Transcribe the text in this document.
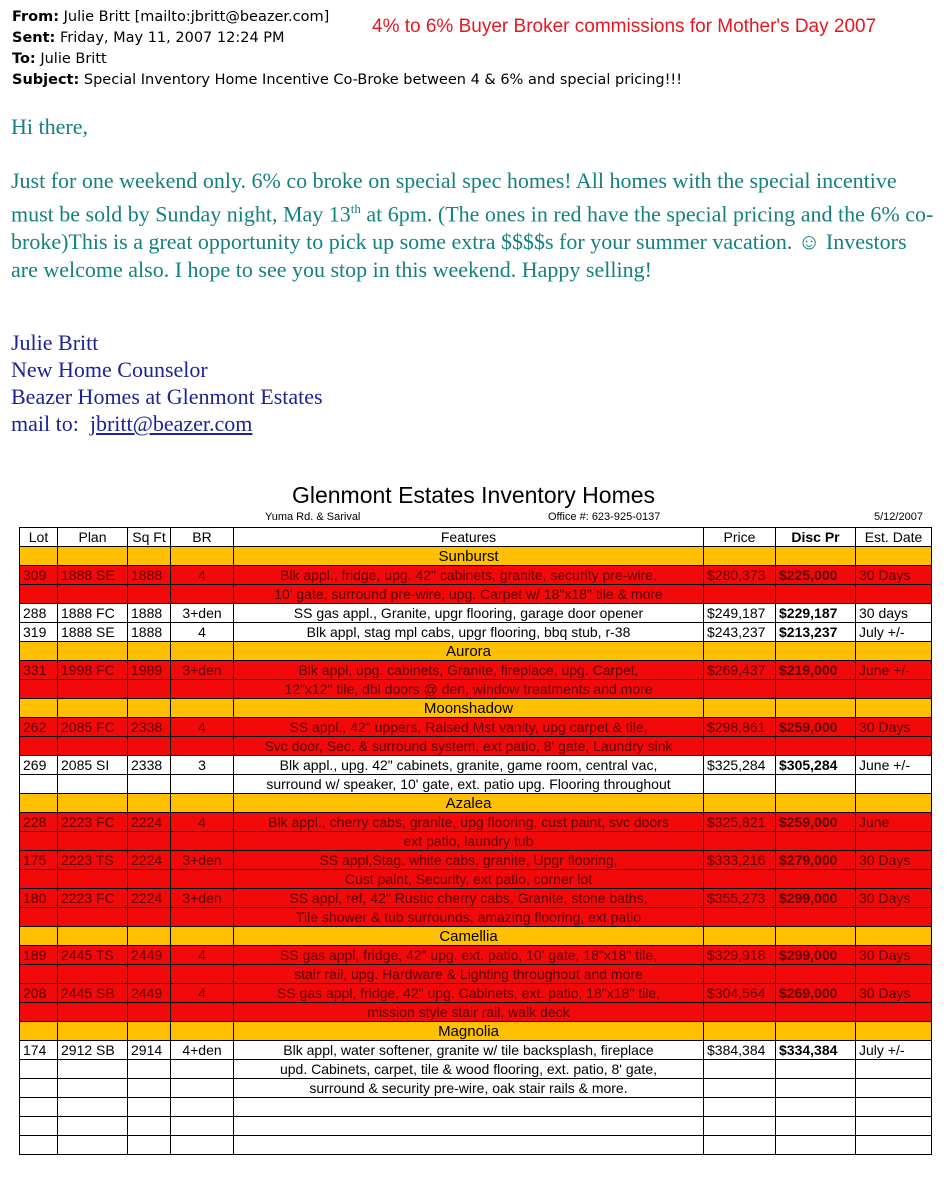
From: Julie Britt [mailto:jbritt@beazer.com]
Sent: Friday, May 11, 2007 12:24 PM
To: Julie Britt
Subject: Special Inventory Home Incentive Co-Broke between 4 & 6% and special pricing!!!
4% to 6% Buyer Broker commissions for Mother's Day 2007
Hi there,
Just for one weekend only. 6% co broke on special spec homes! All homes with the special incentive must be sold by Sunday night, May 13th at 6pm. (The ones in red have the special pricing and the 6% co-broke)This is a great opportunity to pick up some extra $$$$s for your summer vacation. ☺ Investors are welcome also. I hope to see you stop in this weekend. Happy selling!
Julie Britt
New Home Counselor
Beazer Homes at Glenmont Estates
mail to: jbritt@beazer.com
Glenmont Estates Inventory Homes
Yuma Rd. & Sarival	Office #: 623-925-0137	5/12/2007
Lot	Plan	Sq Ft	BR	Features	Price	Disc Pr	Est. Date
				Sunburst			
309	1888 SE	1888	4	Blk appl., fridge, upg. 42" cabinets, granite, security pre-wire,	$280,373	$225,000	30 Days
				10' gate, surround pre-wire, upg. Carpet w/ 18"x18" tile & more			
288	1888 FC	1888	3+den	SS gas appl., Granite, upgr flooring, garage door opener	$249,187	$229,187	30 days
319	1888 SE	1888	4	Blk appl, stag mpl cabs, upgr flooring, bbq stub, r-38	$243,237	$213,237	July +/-
				Aurora			
331	1998 FC	1989	3+den	Blk appl, upg. cabinets, Granite, fireplace, upg. Carpet,	$269,437	$219,000	June +/-
				12"x12" tile, dbl doors @ den, window treatments and more			
				Moonshadow			
262	2085 FC	2338	4	SS appl., 42" uppers, Raised Mst vanity, upg carpet & tile,	$298,861	$259,000	30 Days
				Svc door, Sec. & surround system, ext patio, 8' gate, Laundry sink			
269	2085 SI	2338	3	Blk appl., upg. 42" cabinets, granite, game room, central vac,	$325,284	$305,284	June +/-
				surround w/ speaker, 10' gate, ext. patio upg. Flooring throughout			
				Azalea			
228	2223 FC	2224	4	Blk appl., cherry cabs, granite, upg flooring, cust paint, svc doors	$325,821	$259,000	June
				ext patio, laundry tub			
175	2223 TS	2224	3+den	SS appl,Stag. white cabs, granite, Upgr flooring,	$333,216	$279,000	30 Days
				Cust paint, Security, ext patio, corner lot			
180	2223 FC	2224	3+den	SS appl, ref, 42" Rustic cherry cabs, Granite, stone baths,	$355,273	$299,000	30 Days
				Tile shower & tub surrounds, amazing flooring, ext patio			
				Camellia			
189	2445 TS	2449	4	SS gas appl, fridge, 42" upg. ext. patio, 10' gate, 18"x18" tile,	$329,918	$299,000	30 Days
				stair rail, upg. Hardware & Lighting throughout and more			
208	2445 SB	2449	4	SS gas appl, fridge, 42" upg. Cabinets, ext. patio, 18"x18" tile,	$304,564	$269,000	30 Days
				mission style stair rail, walk deck			
				Magnolia			
174	2912 SB	2914	4+den	Blk appl, water softener, granite w/ tile backsplash, fireplace	$384,384	$334,384	July +/-
				upd. Cabinets, carpet, tile & wood flooring, ext. patio, 8' gate,			
				surround & security pre-wire, oak stair rails & more.			
